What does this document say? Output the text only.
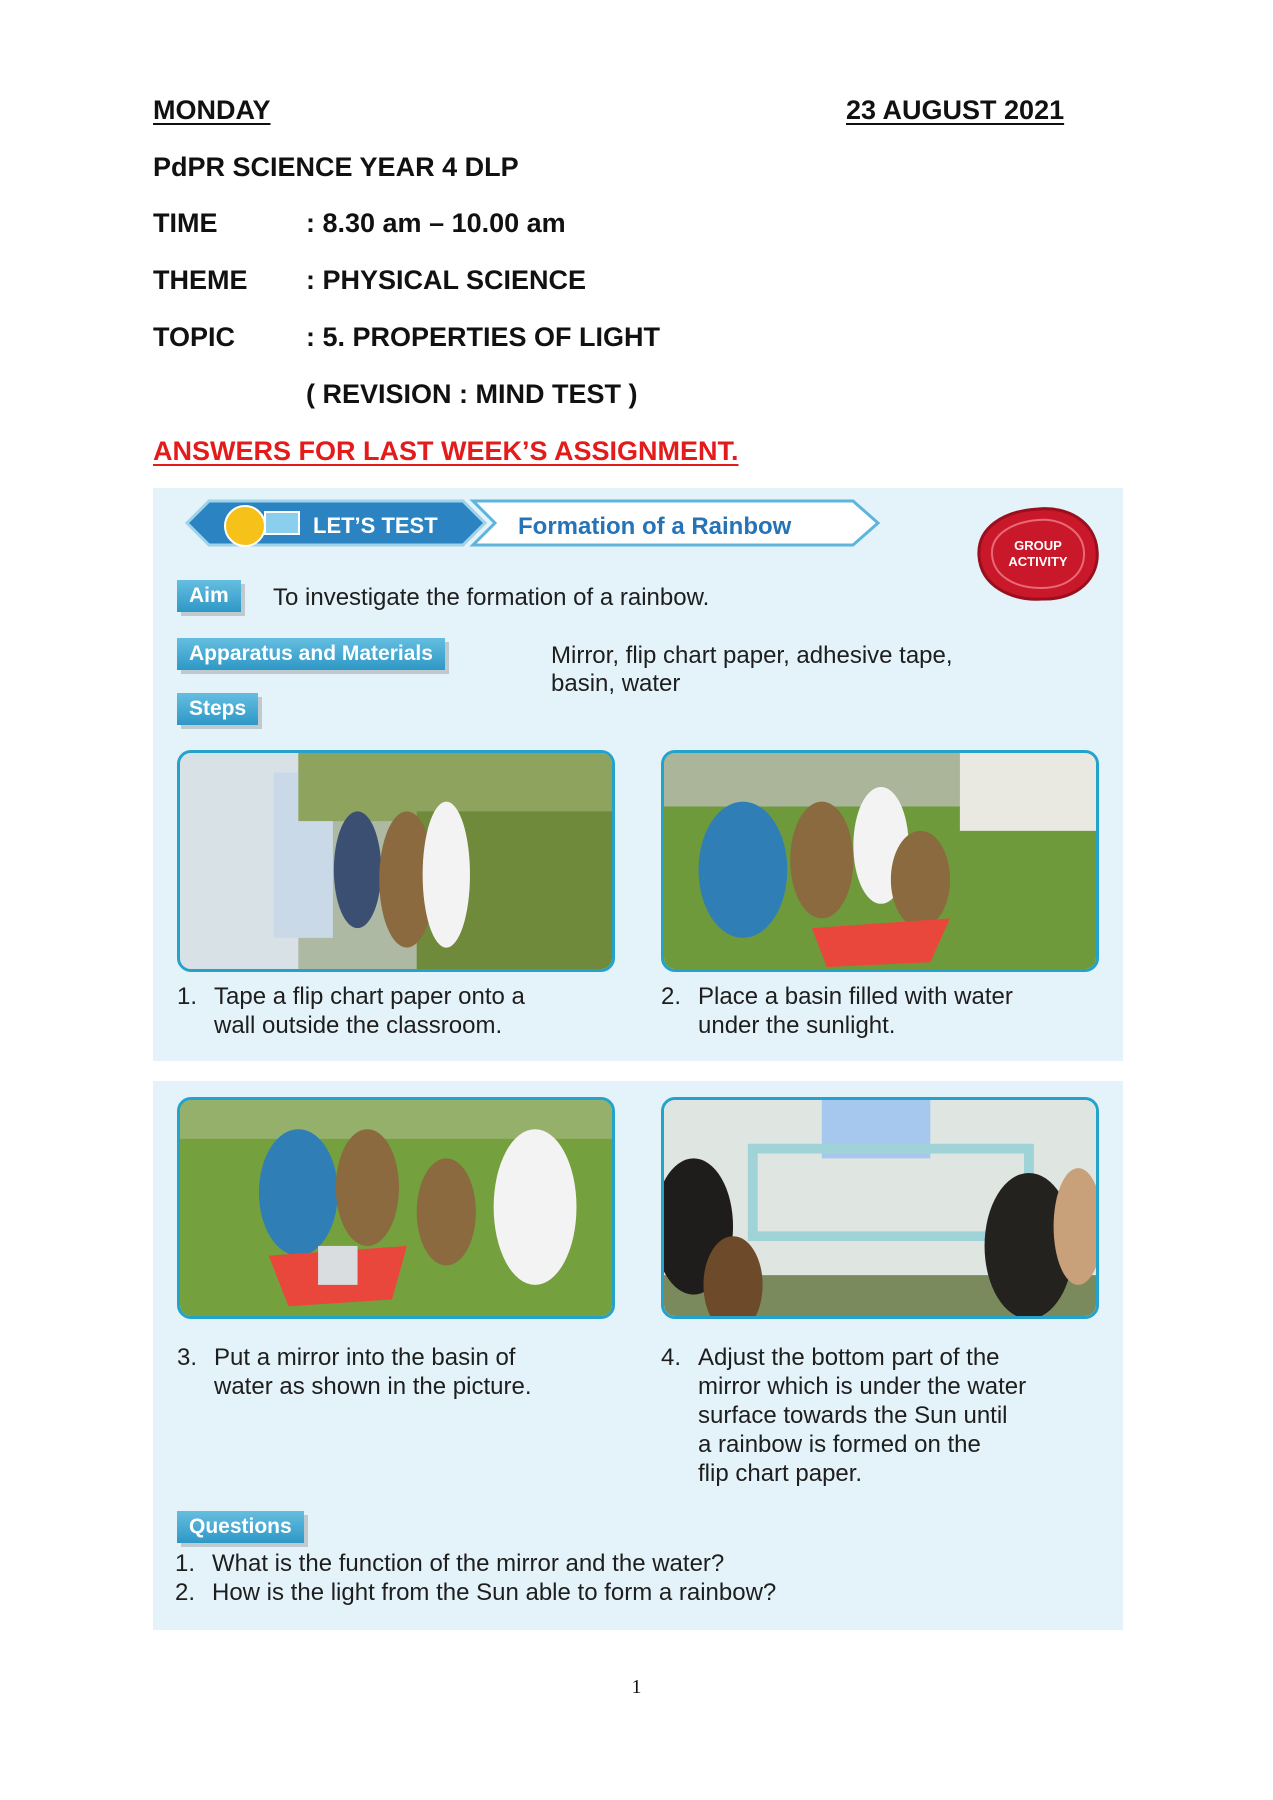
MONDAY	23 AUGUST 2021
PdPR SCIENCE YEAR 4 DLP
TIME	: 8.30 am – 10.00 am
THEME : PHYSICAL SCIENCE
TOPIC	: 5. PROPERTIES OF LIGHT
( REVISION : MIND TEST )
ANSWERS FOR LAST WEEK’S ASSIGNMENT.
LET’S TEST	Formation of a Rainbow
GROUP
ACTIVITY
Aim	To investigate the formation of a rainbow.
Apparatus and Materials	Mirror, flip chart paper, adhesive tape,
basin, water
Steps
1. Tape a flip chart paper onto a
wall outside the classroom.
2. Place a basin filled with water
under the sunlight.
3. Put a mirror into the basin of
water as shown in the picture.
4. Adjust the bottom part of the
mirror which is under the water
surface towards the Sun until
a rainbow is formed on the
flip chart paper.
Questions
1. What is the function of the mirror and the water?
2. How is the light from the Sun able to form a rainbow?
1
